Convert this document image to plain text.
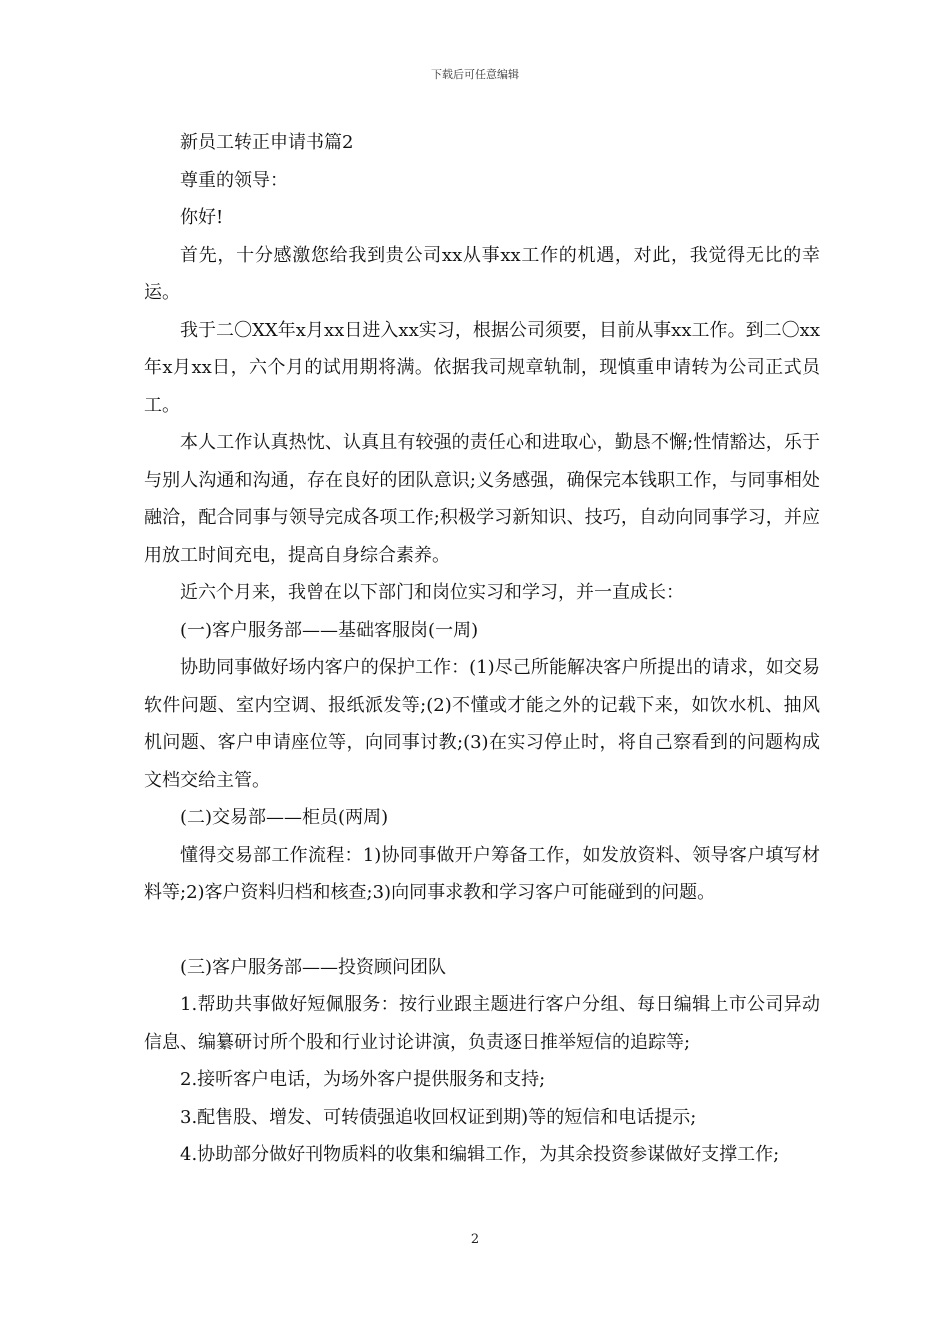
下载后可任意编辑

新员工转正申请书篇2

尊重的领导：

你好!

首先，十分感激您给我到贵公司xx从事xx工作的机遇，对此，我觉得无比的幸运。

我于二〇XX年x月xx日进入xx实习，根据公司须要，目前从事xx工作。到二〇xx年x月xx日，六个月的试用期将满。依据我司规章轨制，现慎重申请转为公司正式员工。

本人工作认真热忱、认真且有较强的责任心和进取心，勤恳不懈;性情豁达，乐于与别人沟通和沟通，存在良好的团队意识;义务感强，确保完本钱职工作，与同事相处融洽，配合同事与领导完成各项工作;积极学习新知识、技巧，自动向同事学习，并应用放工时间充电，提高自身综合素养。

近六个月来，我曾在以下部门和岗位实习和学习，并一直成长：

(一)客户服务部——基础客服岗(一周)

协助同事做好场内客户的保护工作：(1)尽己所能解决客户所提出的请求，如交易软件问题、室内空调、报纸派发等;(2)不懂或才能之外的记载下来，如饮水机、抽风机问题、客户申请座位等，向同事讨教;(3)在实习停止时，将自己察看到的问题构成文档交给主管。

(二)交易部——柜员(两周)

懂得交易部工作流程：1)协同事做开户筹备工作，如发放资料、领导客户填写材料等;2)客户资料归档和核查;3)向同事求教和学习客户可能碰到的问题。

(三)客户服务部——投资顾问团队

1.帮助共事做好短佩服务：按行业跟主题进行客户分组、每日编辑上市公司异动信息、编纂研讨所个股和行业讨论讲演，负责逐日推举短信的追踪等;

2.接听客户电话，为场外客户提供服务和支持;

3.配售股、增发、可转债强追收回权证到期)等的短信和电话提示;

4.协助部分做好刊物质料的收集和编辑工作，为其余投资参谋做好支撑工作;

2
